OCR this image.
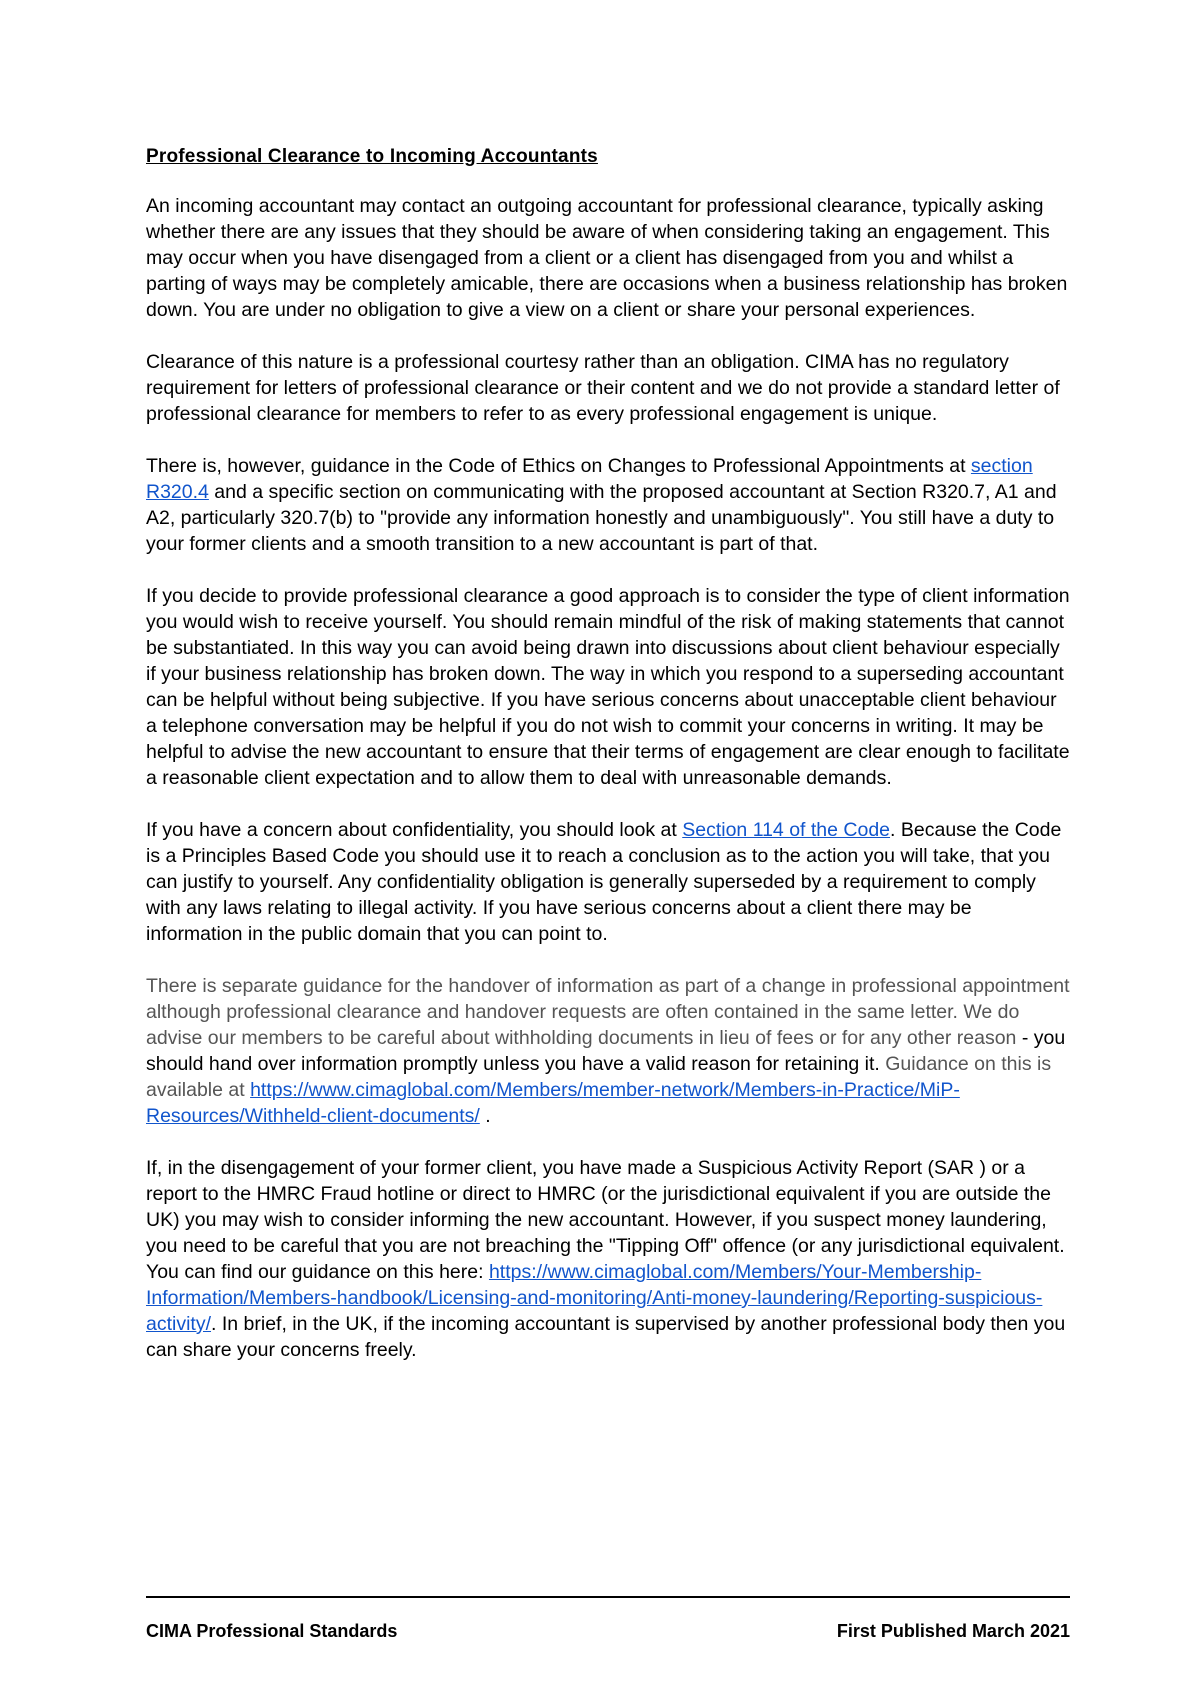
Professional Clearance to Incoming Accountants

An incoming accountant may contact an outgoing accountant for professional clearance, typically asking whether there are any issues that they should be aware of when considering taking an engagement. This may occur when you have disengaged from a client or a client has disengaged from you and whilst a parting of ways may be completely amicable, there are occasions when a business relationship has broken down. You are under no obligation to give a view on a client or share your personal experiences.

Clearance of this nature is a professional courtesy rather than an obligation. CIMA has no regulatory requirement for letters of professional clearance or their content and we do not provide a standard letter of professional clearance for members to refer to as every professional engagement is unique.

There is, however, guidance in the Code of Ethics on Changes to Professional Appointments at section R320.4 and a specific section on communicating with the proposed accountant at Section R320.7, A1 and A2, particularly 320.7(b) to "provide any information honestly and unambiguously". You still have a duty to your former clients and a smooth transition to a new accountant is part of that.

If you decide to provide professional clearance a good approach is to consider the type of client information you would wish to receive yourself. You should remain mindful of the risk of making statements that cannot be substantiated. In this way you can avoid being drawn into discussions about client behaviour especially if your business relationship has broken down. The way in which you respond to a superseding accountant can be helpful without being subjective. If you have serious concerns about unacceptable client behaviour a telephone conversation may be helpful if you do not wish to commit your concerns in writing. It may be helpful to advise the new accountant to ensure that their terms of engagement are clear enough to facilitate a reasonable client expectation and to allow them to deal with unreasonable demands.

If you have a concern about confidentiality, you should look at Section 114 of the Code. Because the Code is a Principles Based Code you should use it to reach a conclusion as to the action you will take, that you can justify to yourself. Any confidentiality obligation is generally superseded by a requirement to comply with any laws relating to illegal activity. If you have serious concerns about a client there may be information in the public domain that you can point to.

There is separate guidance for the handover of information as part of a change in professional appointment although professional clearance and handover requests are often contained in the same letter. We do advise our members to be careful about withholding documents in lieu of fees or for any other reason - you should hand over information promptly unless you have a valid reason for retaining it. Guidance on this is available at https://www.cimaglobal.com/Members/member-network/Members-in-Practice/MiP-Resources/Withheld-client-documents/ .

If, in the disengagement of your former client, you have made a Suspicious Activity Report (SAR ) or a report to the HMRC Fraud hotline or direct to HMRC (or the jurisdictional equivalent if you are outside the UK) you may wish to consider informing the new accountant. However, if you suspect money laundering, you need to be careful that you are not breaching the "Tipping Off" offence (or any jurisdictional equivalent. You can find our guidance on this here: https://www.cimaglobal.com/Members/Your-Membership-Information/Members-handbook/Licensing-and-monitoring/Anti-money-laundering/Reporting-suspicious-activity/. In brief, in the UK, if the incoming accountant is supervised by another professional body then you can share your concerns freely.

CIMA Professional Standards	First Published March 2021
